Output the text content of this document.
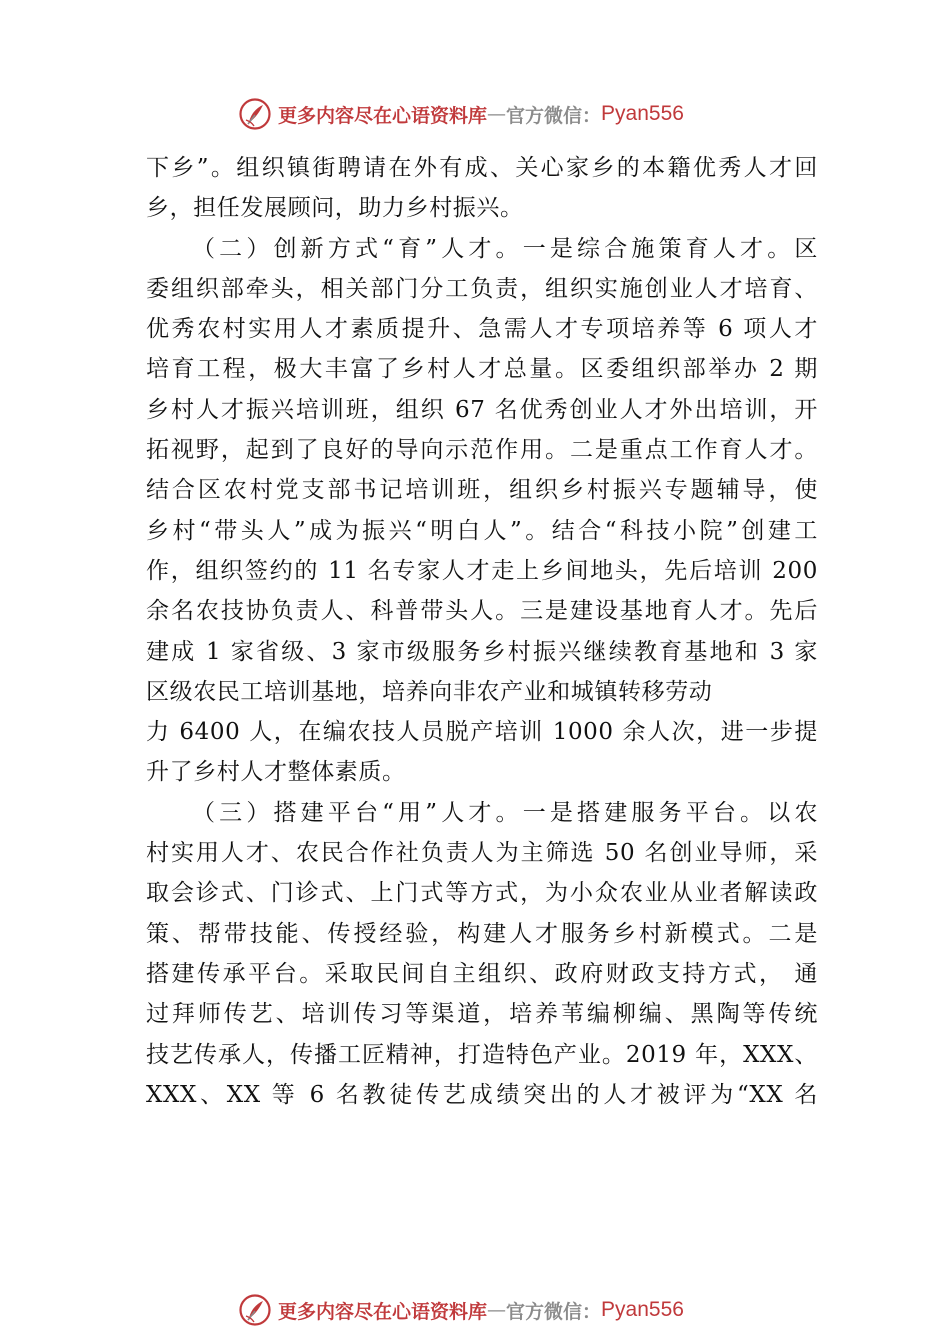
更多内容尽在心语资料库 — 官方微信： Pyan556
下乡”。组织镇街聘请在外有成、关心家乡的本籍优秀人才回
乡，担任发展顾问，助力乡村振兴。
（二）创新方式“育”人才。一是综合施策育人才。区
委组织部牵头，相关部门分工负责，组织实施创业人才培育、
优秀农村实用人才素质提升、急需人才专项培养等 6 项人才
培育工程，极大丰富了乡村人才总量。区委组织部举办 2 期
乡村人才振兴培训班，组织 67 名优秀创业人才外出培训，开
拓视野，起到了良好的导向示范作用。二是重点工作育人才。
结合区农村党支部书记培训班，组织乡村振兴专题辅导，使
乡村“带头人”成为振兴“明白人”。结合“科技小院”创建工
作，组织签约的 11 名专家人才走上乡间地头，先后培训 200
余名农技协负责人、科普带头人。三是建设基地育人才。先后
建成 1 家省级、3 家市级服务乡村振兴继续教育基地和 3 家
区级农民工培训基地，培养向非农产业和城镇转移劳动
力 6400 人，在编农技人员脱产培训 1000 余人次，进一步提
升了乡村人才整体素质。
（三）搭建平台“用”人才。一是搭建服务平台。以农
村实用人才、农民合作社负责人为主筛选 50 名创业导师，采
取会诊式、门诊式、上门式等方式，为小众农业从业者解读政
策、帮带技能、传授经验，构建人才服务乡村新模式。二是
搭建传承平台。采取民间自主组织、政府财政支持方式， 通
过拜师传艺、培训传习等渠道，培养苇编柳编、黑陶等传统
技艺传承人，传播工匠精神，打造特色产业。2019 年，XXX、
XXX、XX 等 6 名教徒传艺成绩突出的人才被评为“XX 名
更多内容尽在心语资料库 — 官方微信： Pyan556
